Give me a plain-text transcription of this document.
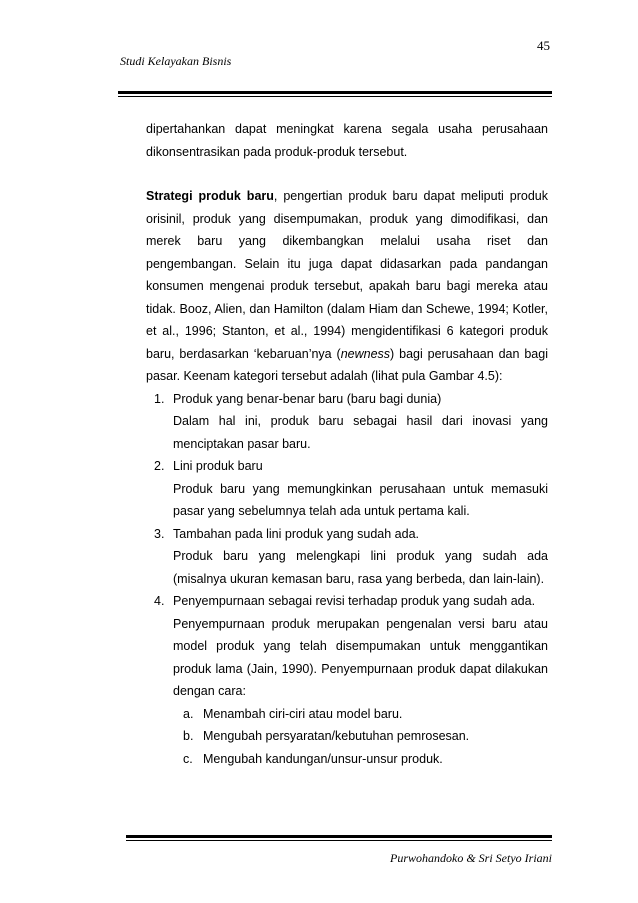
45
Studi Kelayakan Bisnis

dipertahankan dapat meningkat karena segala usaha perusahaan dikonsentrasikan pada produk-produk tersebut.

Strategi produk baru, pengertian produk baru dapat meliputi produk orisinil, produk yang disempumakan, produk yang dimodifikasi, dan merek baru yang dikembangkan melalui usaha riset dan pengembangan. Selain itu juga dapat didasarkan pada pandangan konsumen mengenai produk tersebut, apakah baru bagi mereka atau tidak. Booz, Alien, dan Hamilton (dalam Hiam dan Schewe, 1994; Kotler, et al., 1996; Stanton, et al., 1994) mengidentifikasi 6 kategori produk baru, berdasarkan ‘kebaruan’nya (newness) bagi perusahaan dan bagi pasar. Keenam kategori tersebut adalah (lihat pula Gambar 4.5):

1. Produk yang benar-benar baru (baru bagi dunia)
Dalam hal ini, produk baru sebagai hasil dari inovasi yang menciptakan pasar baru.
2. Lini produk baru
Produk baru yang memungkinkan perusahaan untuk memasuki pasar yang sebelumnya telah ada untuk pertama kali.
3. Tambahan pada lini produk yang sudah ada.
Produk baru yang melengkapi lini produk yang sudah ada (misalnya ukuran kemasan baru, rasa yang berbeda, dan lain-lain).
4. Penyempurnaan sebagai revisi terhadap produk yang sudah ada.
Penyempurnaan produk merupakan pengenalan versi baru atau model produk yang telah disempumakan untuk menggantikan produk lama (Jain, 1990). Penyempurnaan produk dapat dilakukan dengan cara:
a. Menambah ciri-ciri atau model baru.
b. Mengubah persyaratan/kebutuhan pemrosesan.
c. Mengubah kandungan/unsur-unsur produk.
Purwohandoko & Sri Setyo Iriani
